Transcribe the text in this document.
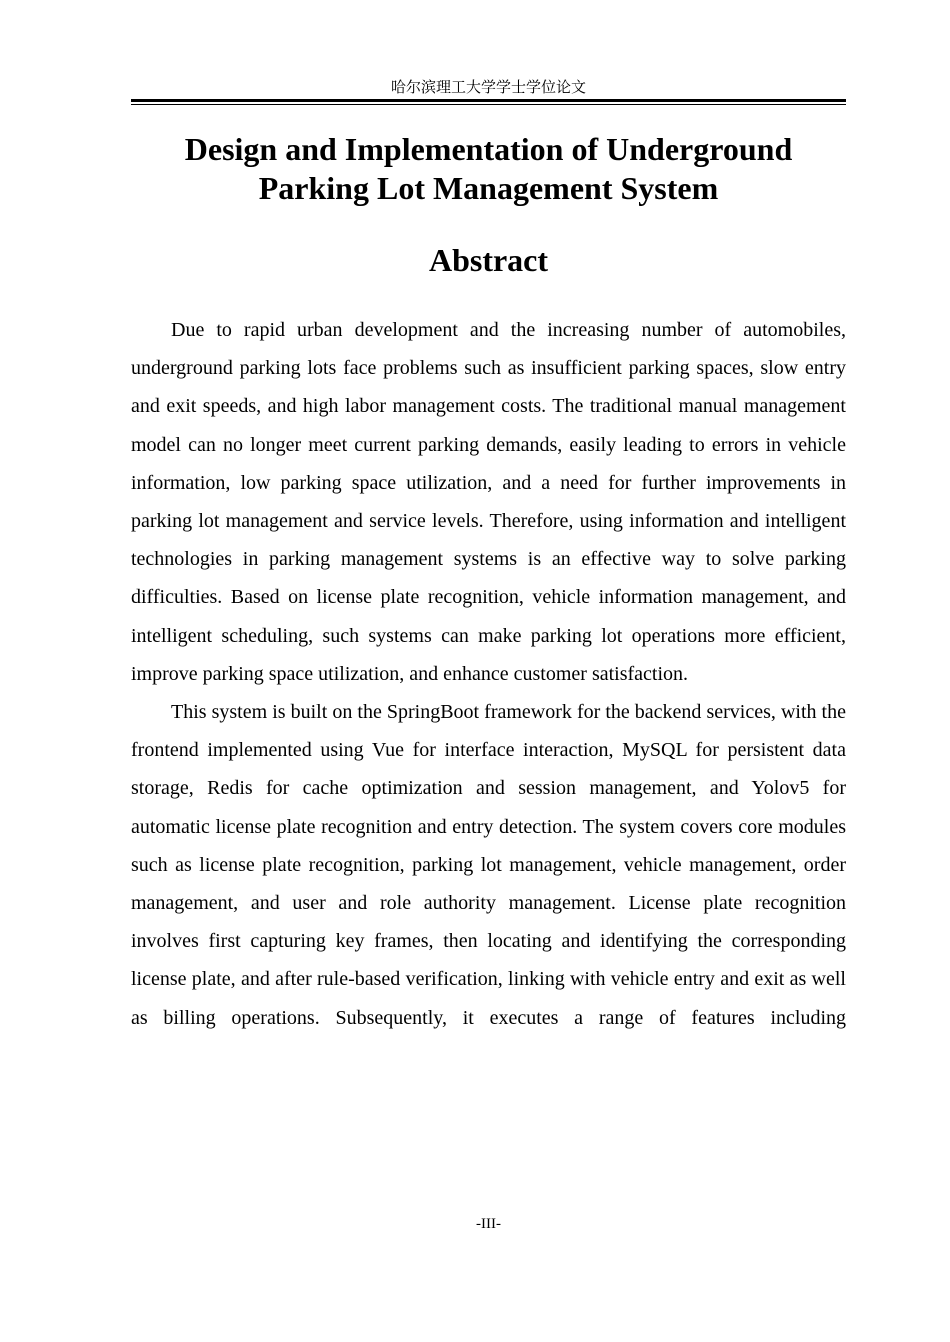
哈尔滨理工大学学士学位论文
Design and Implementation of Underground
Parking Lot Management System
Abstract

Due to rapid urban development and the increasing number of automobiles, underground parking lots face problems such as insufficient parking spaces, slow entry and exit speeds, and high labor management costs. The traditional manual management model can no longer meet current parking demands, easily leading to errors in vehicle information, low parking space utilization, and a need for further improvements in parking lot management and service levels. Therefore, using information and intelligent technologies in parking management systems is an effective way to solve parking difficulties. Based on license plate recognition, vehicle information management, and intelligent scheduling, such systems can make parking lot operations more efficient, improve parking space utilization, and enhance customer satisfaction.

This system is built on the SpringBoot framework for the backend services, with the frontend implemented using Vue for interface interaction, MySQL for persistent data storage, Redis for cache optimization and session management, and Yolov5 for automatic license plate recognition and entry detection. The system covers core modules such as license plate recognition, parking lot management, vehicle management, order management, and user and role authority management. License plate recognition involves first capturing key frames, then locating and identifying the corresponding license plate, and after rule-based verification, linking with vehicle entry and exit as well as billing operations. Subsequently, it executes a range of features including

-III-
